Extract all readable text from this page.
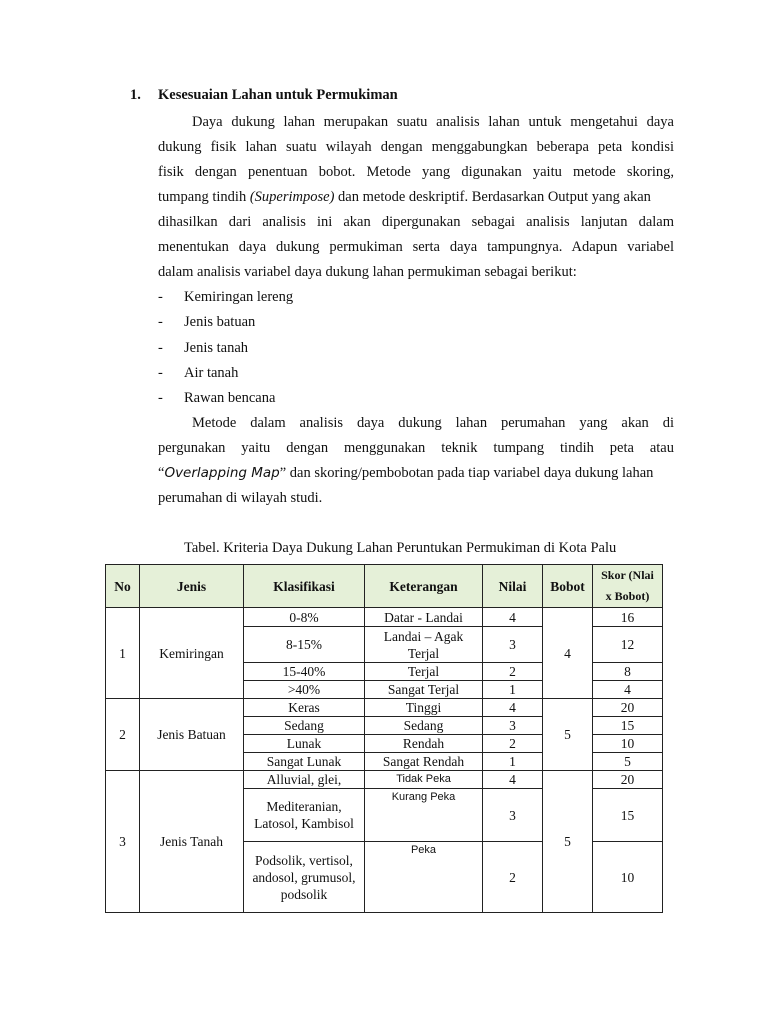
1. Kesesuaian Lahan untuk Permukiman
Daya dukung lahan merupakan suatu analisis lahan untuk mengetahui daya
dukung fisik lahan suatu wilayah dengan menggabungkan beberapa peta kondisi
fisik dengan penentuan bobot. Metode yang digunakan yaitu metode skoring,
tumpang tindih (Superimpose) dan metode deskriptif. Berdasarkan Output yang akan
dihasilkan dari analisis ini akan dipergunakan sebagai analisis lanjutan dalam
menentukan daya dukung permukiman serta daya tampungnya. Adapun variabel
dalam analisis variabel daya dukung lahan permukiman sebagai berikut:
- Kemiringan lereng
- Jenis batuan
- Jenis tanah
- Air tanah
- Rawan bencana
Metode dalam analisis daya dukung lahan perumahan yang akan di
pergunakan yaitu dengan menggunakan teknik tumpang tindih peta atau
“Overlapping Map” dan skoring/pembobotan pada tiap variabel daya dukung lahan
perumahan di wilayah studi.
Tabel. Kriteria Daya Dukung Lahan Peruntukan Permukiman di Kota Palu
No	Jenis	Klasifikasi	Keterangan	Nilai	Bobot	Skor (Nlai
x Bobot)
1	Kemiringan	0-8%	Datar - Landai	4	4	16
		8-15%	Landai – Agak Terjal	3		12
		15-40%	Terjal	2		8
		>40%	Sangat Terjal	1		4
2	Jenis Batuan	Keras	Tinggi	4	5	20
		Sedang	Sedang	3		15
		Lunak	Rendah	2		10
		Sangat Lunak	Sangat Rendah	1		5
3	Jenis Tanah	Alluvial, glei,	Tidak Peka	4	5	20
		Mediteranian, Latosol, Kambisol	Kurang Peka	3		15
		Podsolik, vertisol, andosol, grumusol, podsolik	Peka	2		10
